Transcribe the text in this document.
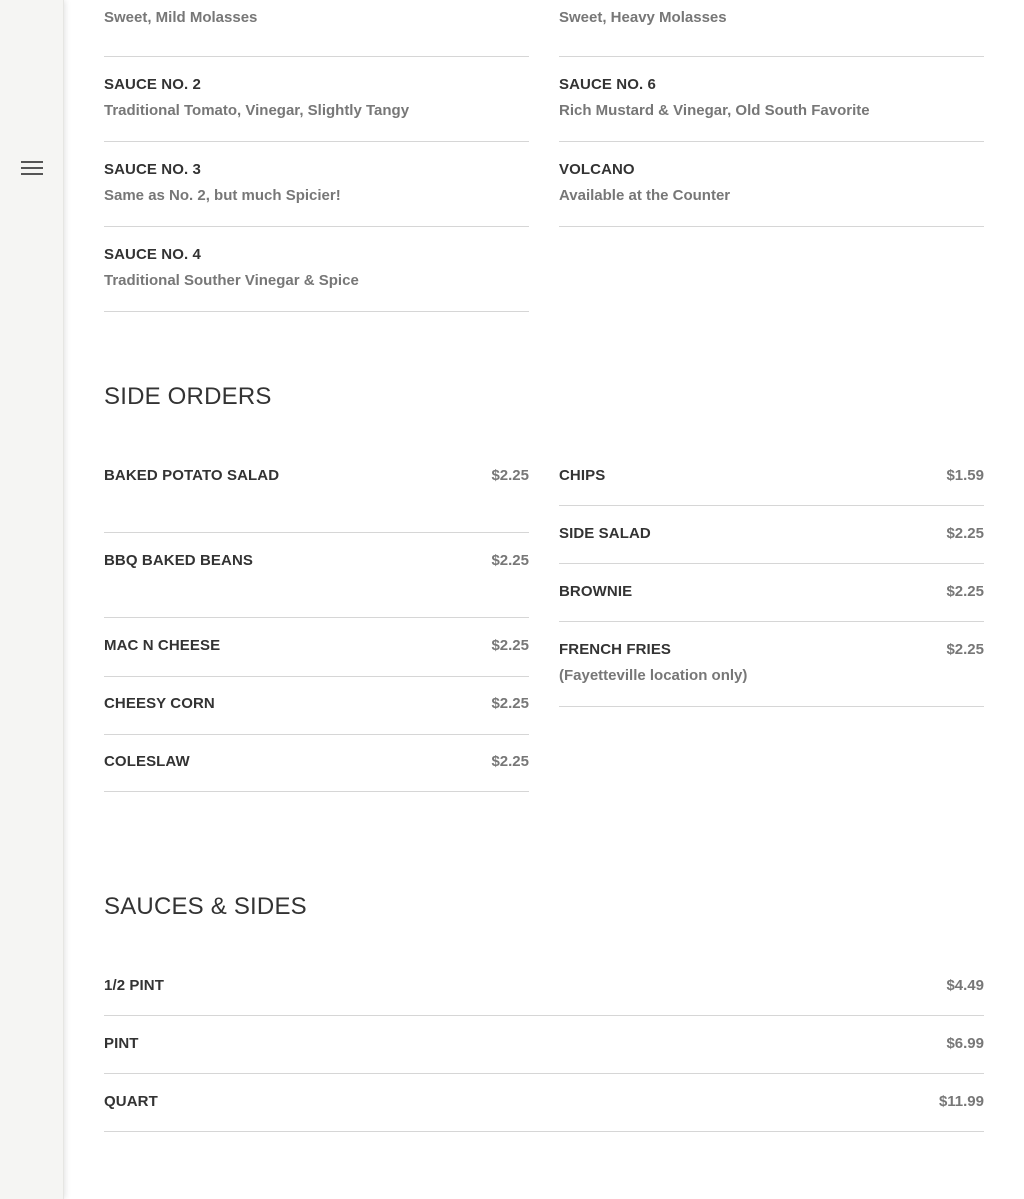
Sweet, Mild Molasses
SAUCE NO. 2
Traditional Tomato, Vinegar, Slightly Tangy
SAUCE NO. 3
Same as No. 2, but much Spicier!
SAUCE NO. 4
Traditional Souther Vinegar & Spice
Sweet, Heavy Molasses
SAUCE NO. 6
Rich Mustard & Vinegar, Old South Favorite
VOLCANO
Available at the Counter
SIDE ORDERS
BAKED POTATO SALAD	$2.25
BBQ BAKED BEANS	$2.25
MAC N CHEESE	$2.25
CHEESY CORN	$2.25
COLESLAW	$2.25
CHIPS	$1.59
SIDE SALAD	$2.25
BROWNIE	$2.25
FRENCH FRIES	$2.25
(Fayetteville location only)
SAUCES & SIDES
1/2 PINT	$4.49
PINT	$6.99
QUART	$11.99
